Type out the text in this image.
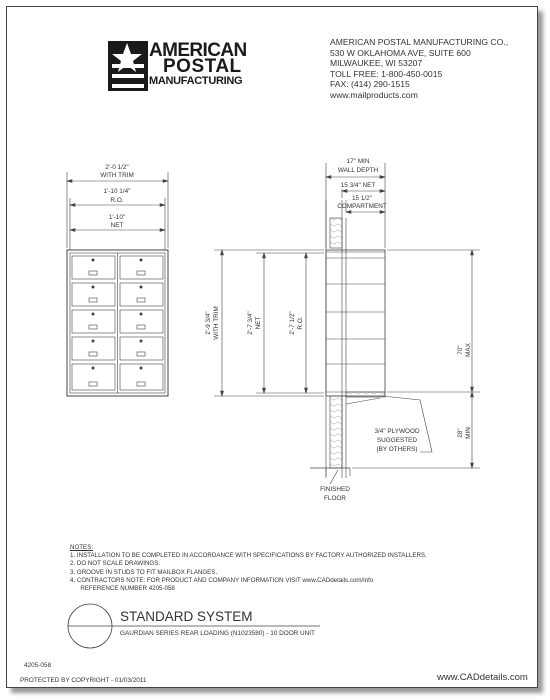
AMERICAN
POSTAL
MANUFACTURING
AMERICAN POSTAL MANUFACTURING CO.,
530 W OKLAHOMA AVE, SUITE 600
MILWAUKEE, WI 53207
TOLL FREE: 1-800-450-0015
FAX: (414) 290-1515
www.mailproducts.com
2'-0 1/2"
WITH TRIM
1'-10 1/4"
R.O.
1'-10"
NET
17" MIN
WALL DEPTH
15 3/4" NET
15 1/2"
COMPARTMENT
2'-9 3/4" WITH TRIM	2'-7 3/4" NET	2'-7 1/2" R.O.
70" MAX
28" MIN
3/4" PLYWOOD
SUGGESTED
(BY OTHERS)
FINISHED
FLOOR
NOTES:
1. INSTALLATION TO BE COMPLETED IN ACCORDANCE WITH SPECIFICATIONS BY FACTORY AUTHORIZED INSTALLERS.
2. DO NOT SCALE DRAWINGS.
3. GROOVE IN STUDS TO FIT MAILBOX FLANGES.
4. CONTRACTORS NOTE: FOR PRODUCT AND COMPANY INFORMATION VISIT www.CADdetails.com/info
REFERENCE NUMBER 4205-058
STANDARD SYSTEM
GAURDIAN SERIES REAR LOADING (N1023580) - 10 DOOR UNIT
4205-058
PROTECTED BY COPYRIGHT - 01/03/2011	www.CADdetails.com
